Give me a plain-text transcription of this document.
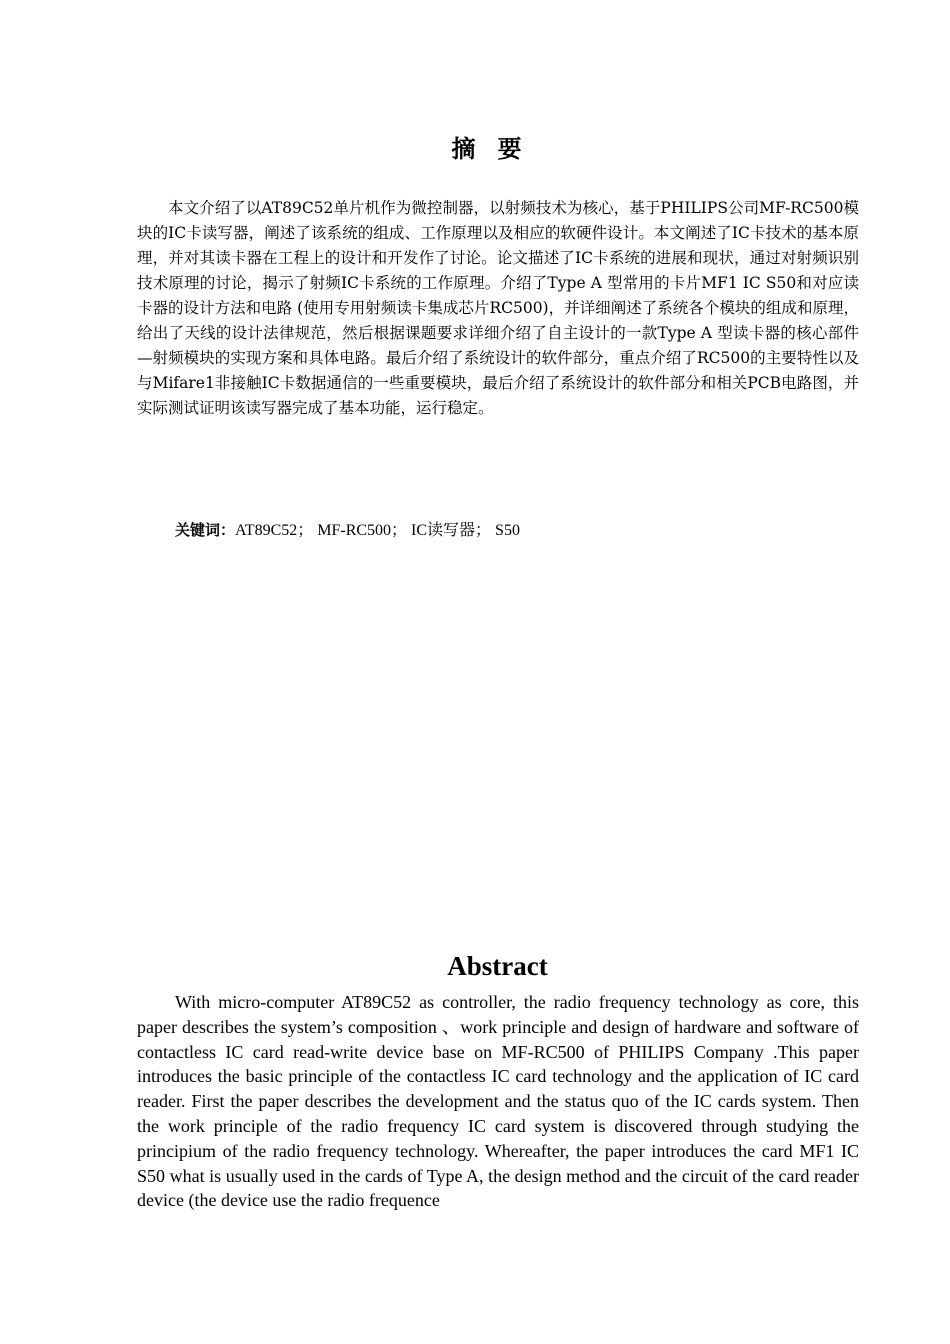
摘要

本文介绍了以AT89C52单片机作为微控制器，以射频技术为核心，基于PHILIPS公司MF-RC500模块的IC卡读写器，阐述了该系统的组成、工作原理以及相应的软硬件设计。本文阐述了IC卡技术的基本原理，并对其读卡器在工程上的设计和开发作了讨论。论文描述了IC卡系统的进展和现状，通过对射频识别技术原理的讨论，揭示了射频IC卡系统的工作原理。介绍了Type A 型常用的卡片MF1 IC S50和对应读卡器的设计方法和电路 (使用专用射频读卡集成芯片RC500)，并详细阐述了系统各个模块的组成和原理，给出了天线的设计法律规范，然后根据课题要求详细介绍了自主设计的一款Type A 型读卡器的核心部件—射频模块的实现方案和具体电路。最后介绍了系统设计的软件部分，重点介绍了RC500的主要特性以及与Mifare1非接触IC卡数据通信的一些重要模块，最后介绍了系统设计的软件部分和相关PCB电路图，并实际测试证明该读写器完成了基本功能，运行稳定。

关键词：AT89C52； MF-RC500； IC读写器； S50

Abstract

With micro-computer AT89C52 as controller, the radio frequency technology as core, this paper describes the system’s composition 、work principle and design of hardware and software of contactless IC card read-write device base on MF-RC500 of PHILIPS Company .This paper introduces the basic principle of the contactless IC card technology and the application of IC card reader. First the paper describes the development and the status quo of the IC cards system. Then the work principle of the radio frequency IC card system is discovered through studying the principium of the radio frequency technology. Whereafter, the paper introduces the card MF1 IC S50 what is usually used in the cards of Type A, the design method and the circuit of the card reader device (the device use the radio frequence
